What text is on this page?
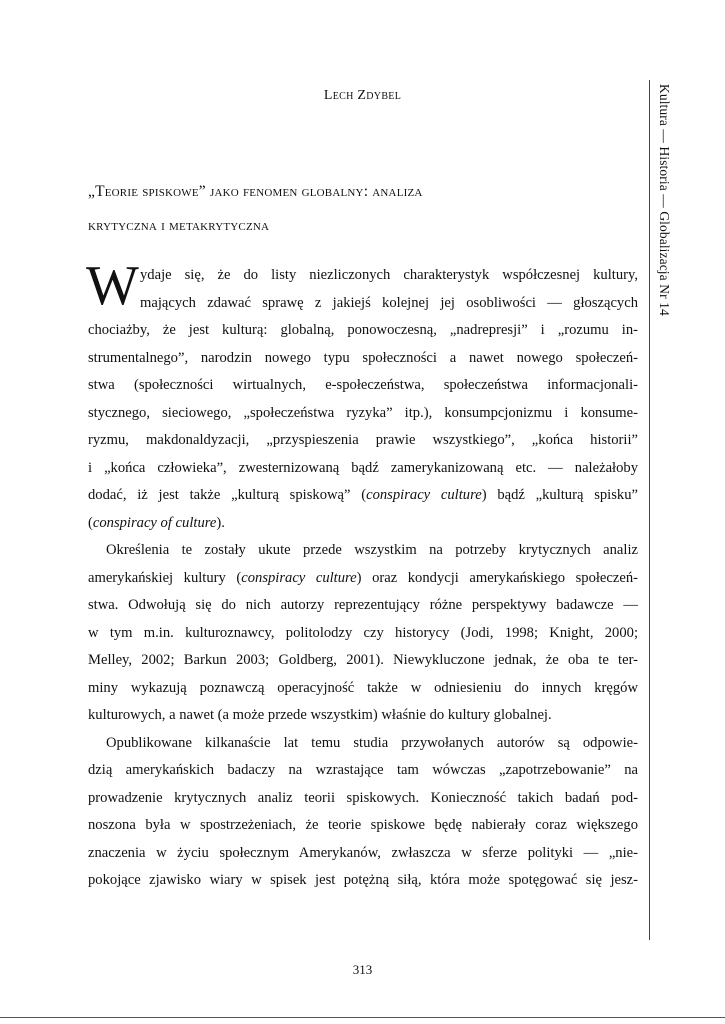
Kultura — Historia — Globalizacja Nr 14
Lech Zdybel
„Teorie spiskowe” jako fenomen globalny: analiza
krytyczna i metakrytyczna
W ydaje się, że do listy niezliczonych charakterystyk współczesnej kultury,
mających zdawać sprawę z jakiejś kolejnej jej osobliwości — głoszących
chociażby, że jest kulturą: globalną, ponowoczesną, „nadrepresji” i „rozumu in-
strumentalnego”, narodzin nowego typu społeczności a nawet nowego społeczeń-
stwa (społeczności wirtualnych, e-społeczeństwa, społeczeństwa informacjonali-
stycznego, sieciowego, „społeczeństwa ryzyka” itp.), konsumpcjonizmu i konsume-
ryzmu, makdonaldyzacji, „przyspieszenia prawie wszystkiego”, „końca historii”
i „końca człowieka”, zwesternizowaną bądź zamerykanizowaną etc. — należałoby
dodać, iż jest także „kulturą spiskową” (conspiracy culture) bądź „kulturą spisku”
(conspiracy of culture).
Określenia te zostały ukute przede wszystkim na potrzeby krytycznych analiz
amerykańskiej kultury (conspiracy culture) oraz kondycji amerykańskiego społeczeń-
stwa. Odwołują się do nich autorzy reprezentujący różne perspektywy badawcze —
w tym m.in. kulturoznawcy, politolodzy czy historycy (Jodi, 1998; Knight, 2000;
Melley, 2002; Barkun 2003; Goldberg, 2001). Niewykluczone jednak, że oba te ter-
miny wykazują poznawczą operacyjność także w odniesieniu do innych kręgów
kulturowych, a nawet (a może przede wszystkim) właśnie do kultury globalnej.
Opublikowane kilkanaście lat temu studia przywołanych autorów są odpowie-
dzią amerykańskich badaczy na wzrastające tam wówczas „zapotrzebowanie” na
prowadzenie krytycznych analiz teorii spiskowych. Konieczność takich badań pod-
noszona była w spostrzeżeniach, że teorie spiskowe będę nabierały coraz większego
znaczenia w życiu społecznym Amerykanów, zwłaszcza w sferze polityki — „nie-
pokojące zjawisko wiary w spisek jest potężną siłą, która może spotęgować się jesz-
313
